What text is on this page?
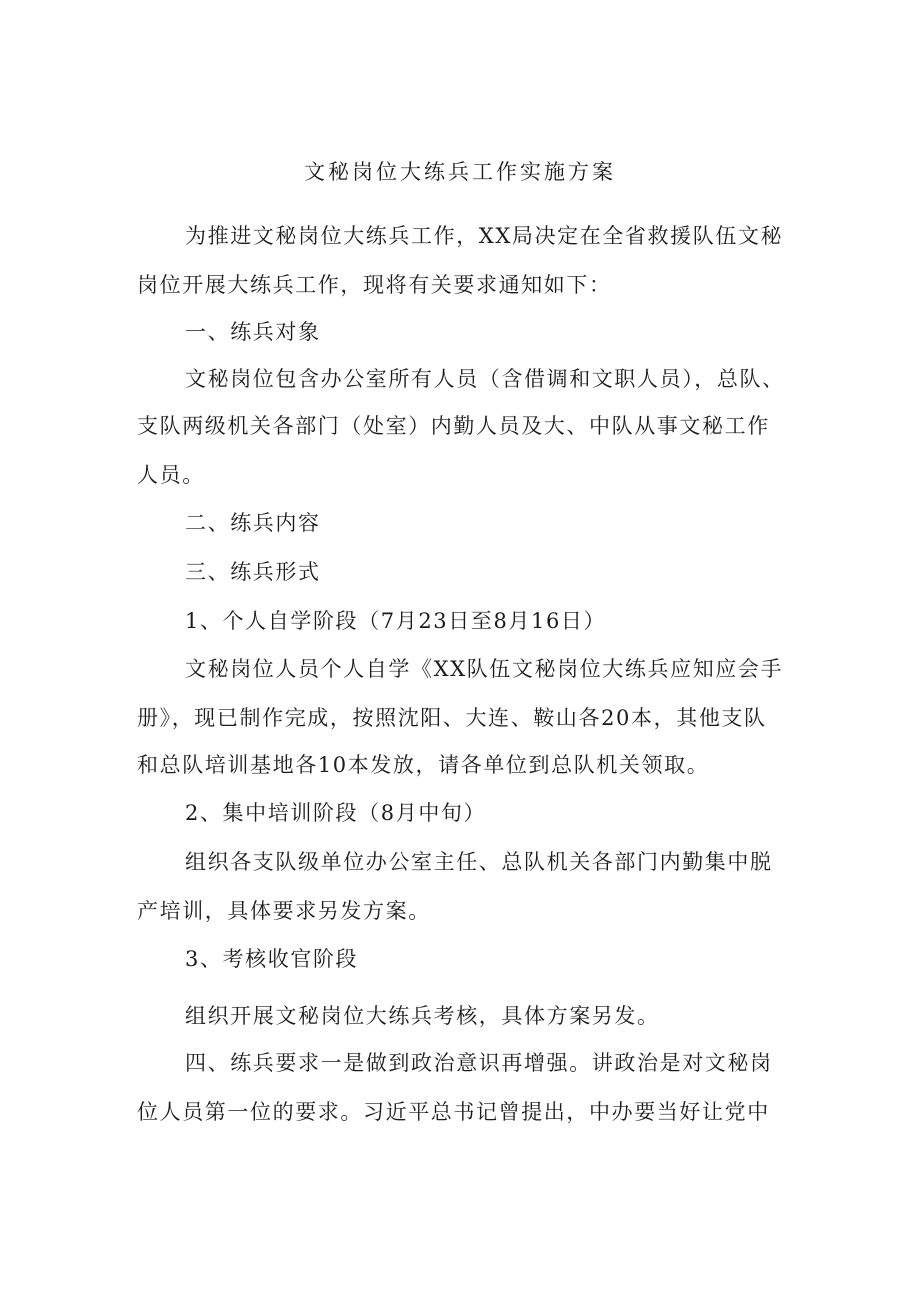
文秘岗位大练兵工作实施方案
为推进文秘岗位大练兵工作，XX局决定在全省救援队伍文秘
岗位开展大练兵工作，现将有关要求通知如下：
一、练兵对象
文秘岗位包含办公室所有人员（含借调和文职人员），总队、
支队两级机关各部门（处室）内勤人员及大、中队从事文秘工作
人员。
二、练兵内容
三、练兵形式
1、个人自学阶段（7月23日至8月16日）
文秘岗位人员个人自学《XX队伍文秘岗位大练兵应知应会手
册》，现已制作完成，按照沈阳、大连、鞍山各20本，其他支队
和总队培训基地各10本发放，请各单位到总队机关领取。
2、集中培训阶段（8月中旬）
组织各支队级单位办公室主任、总队机关各部门内勤集中脱
产培训，具体要求另发方案。
3、考核收官阶段
组织开展文秘岗位大练兵考核，具体方案另发。
四、练兵要求一是做到政治意识再增强。讲政治是对文秘岗
位人员第一位的要求。习近平总书记曾提出，中办要当好让党中
